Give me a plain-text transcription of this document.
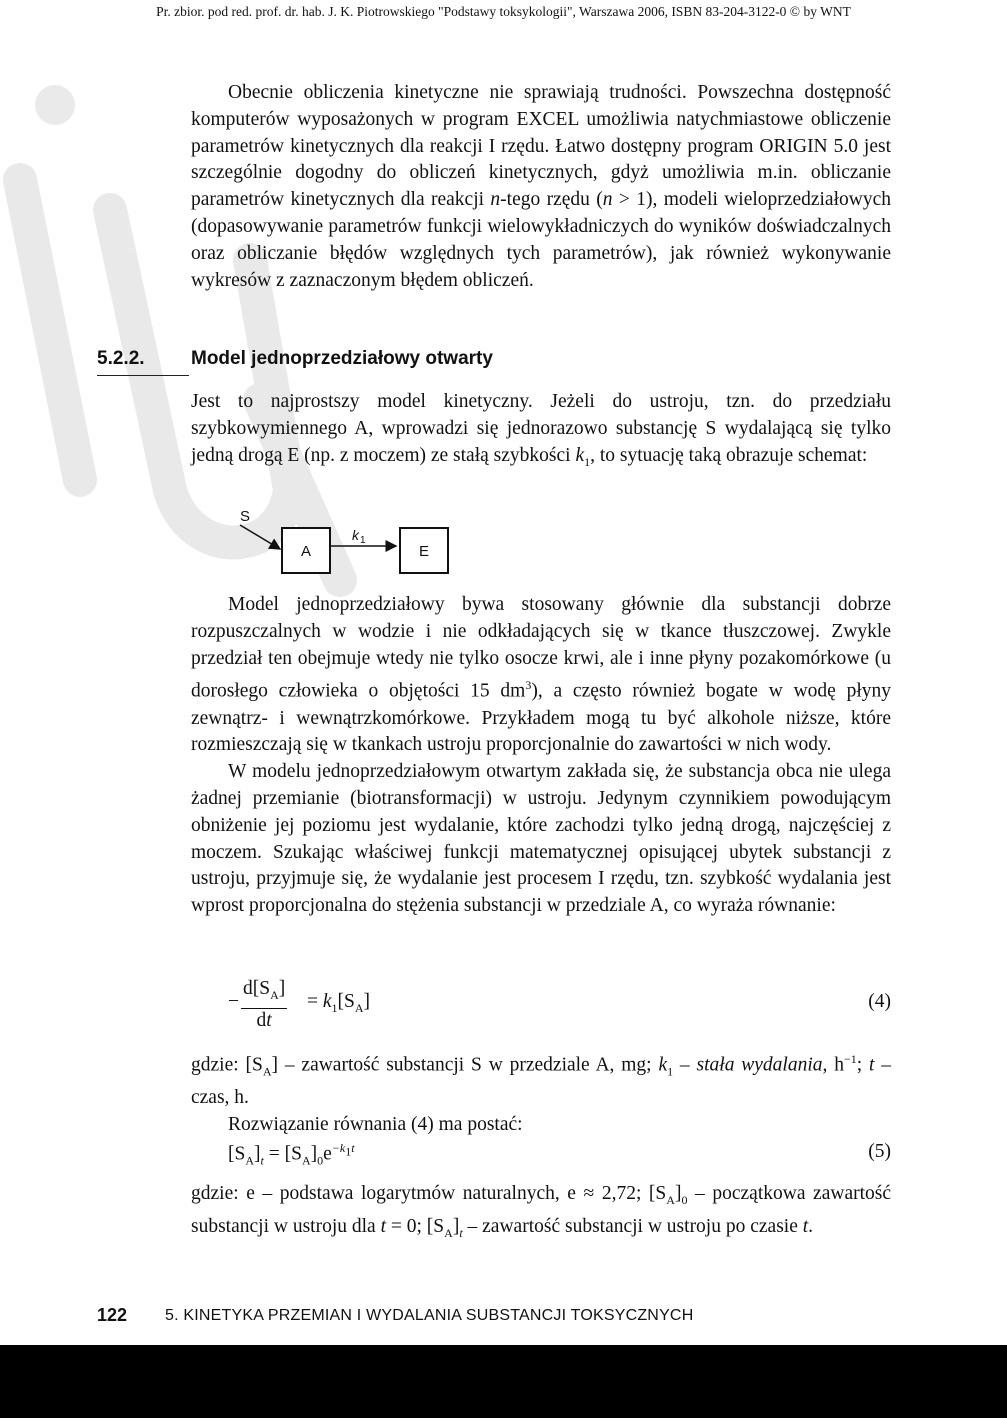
Pr. zbior. pod red. prof. dr. hab. J. K. Piotrowskiego "Podstawy toksykologii", Warszawa 2006, ISBN 83-204-3122-0 © by WNT

Obecnie obliczenia kinetyczne nie sprawiają trudności. Powszechna dostępność komputerów wyposażonych w program EXCEL umożliwia natychmiastowe obliczenie parametrów kinetycznych dla reakcji I rzędu. Łatwo dostępny program ORIGIN 5.0 jest szczególnie dogodny do obliczeń kinetycznych, gdyż umożliwia m.in. obliczanie parametrów kinetycznych dla reakcji n-tego rzędu (n > 1), modeli wieloprzedziałowych (dopasowywanie parametrów funkcji wielowykładniczych do wyników doświadczalnych oraz obliczanie błędów względnych tych parametrów), jak również wykonywanie wykresów z zaznaczonym błędem obliczeń.

5.2.2. Model jednoprzedziałowy otwarty

Jest to najprostszy model kinetyczny. Jeżeli do ustroju, tzn. do przedziału szybkowymiennego A, wprowadzi się jednorazowo substancję S wydalającą się tylko jedną drogą E (np. z moczem) ze stałą szybkości $k_1$, to sytuację taką obrazuje schemat:

S
A
k 1
E

Model jednoprzedziałowy bywa stosowany głównie dla substancji dobrze rozpuszczalnych w wodzie i nie odkładających się w tkance tłuszczowej. Zwykle przedział ten obejmuje wtedy nie tylko osocze krwi, ale i inne płyny pozakomórkowe (u dorosłego człowieka o objętości 15 $dm^3$), a często również bogate w wodę płyny zewnątrz- i wewnątrzkomórkowe. Przykładem mogą tu być alkohole niższe, które rozmieszczają się w tkankach ustroju proporcjonalnie do zawartości w nich wody.

W modelu jednoprzedziałowym otwartym zakłada się, że substancja obca nie ulega żadnej przemianie (biotransformacji) w ustroju. Jedynym czynnikiem powodującym obniżenie jej poziomu jest wydalanie, które zachodzi tylko jedną drogą, najczęściej z moczem. Szukając właściwej funkcji matematycznej opisującej ubytek substancji z ustroju, przyjmuje się, że wydalanie jest procesem I rzędu, tzn. szybkość wydalania jest wprost proporcjonalna do stężenia substancji w przedziale A, co wyraża równanie:

− $\frac{d[S_A]}{dt} = k_1[S_A]$	(4)

gdzie: $[S_A]$ – zawartość substancji S w przedziale A, mg; $k_1$ – stała wydalania, $h^{-1}$; t – czas, h.

Rozwiązanie równania (4) ma postać:

$[S_A]_t = [S_A]_0e^{-k_1t}$	(5)

gdzie: e – podstawa logarytmów naturalnych, e ≈ 2,72; $[S_A]_0$ – początkowa zawartość substancji w ustroju dla t = 0; $[S_A]_t$ – zawartość substancji w ustroju po czasie t.

122 5. KINETYKA PRZEMIAN I WYDALANIA SUBSTANCJI TOKSYCZNYCH
